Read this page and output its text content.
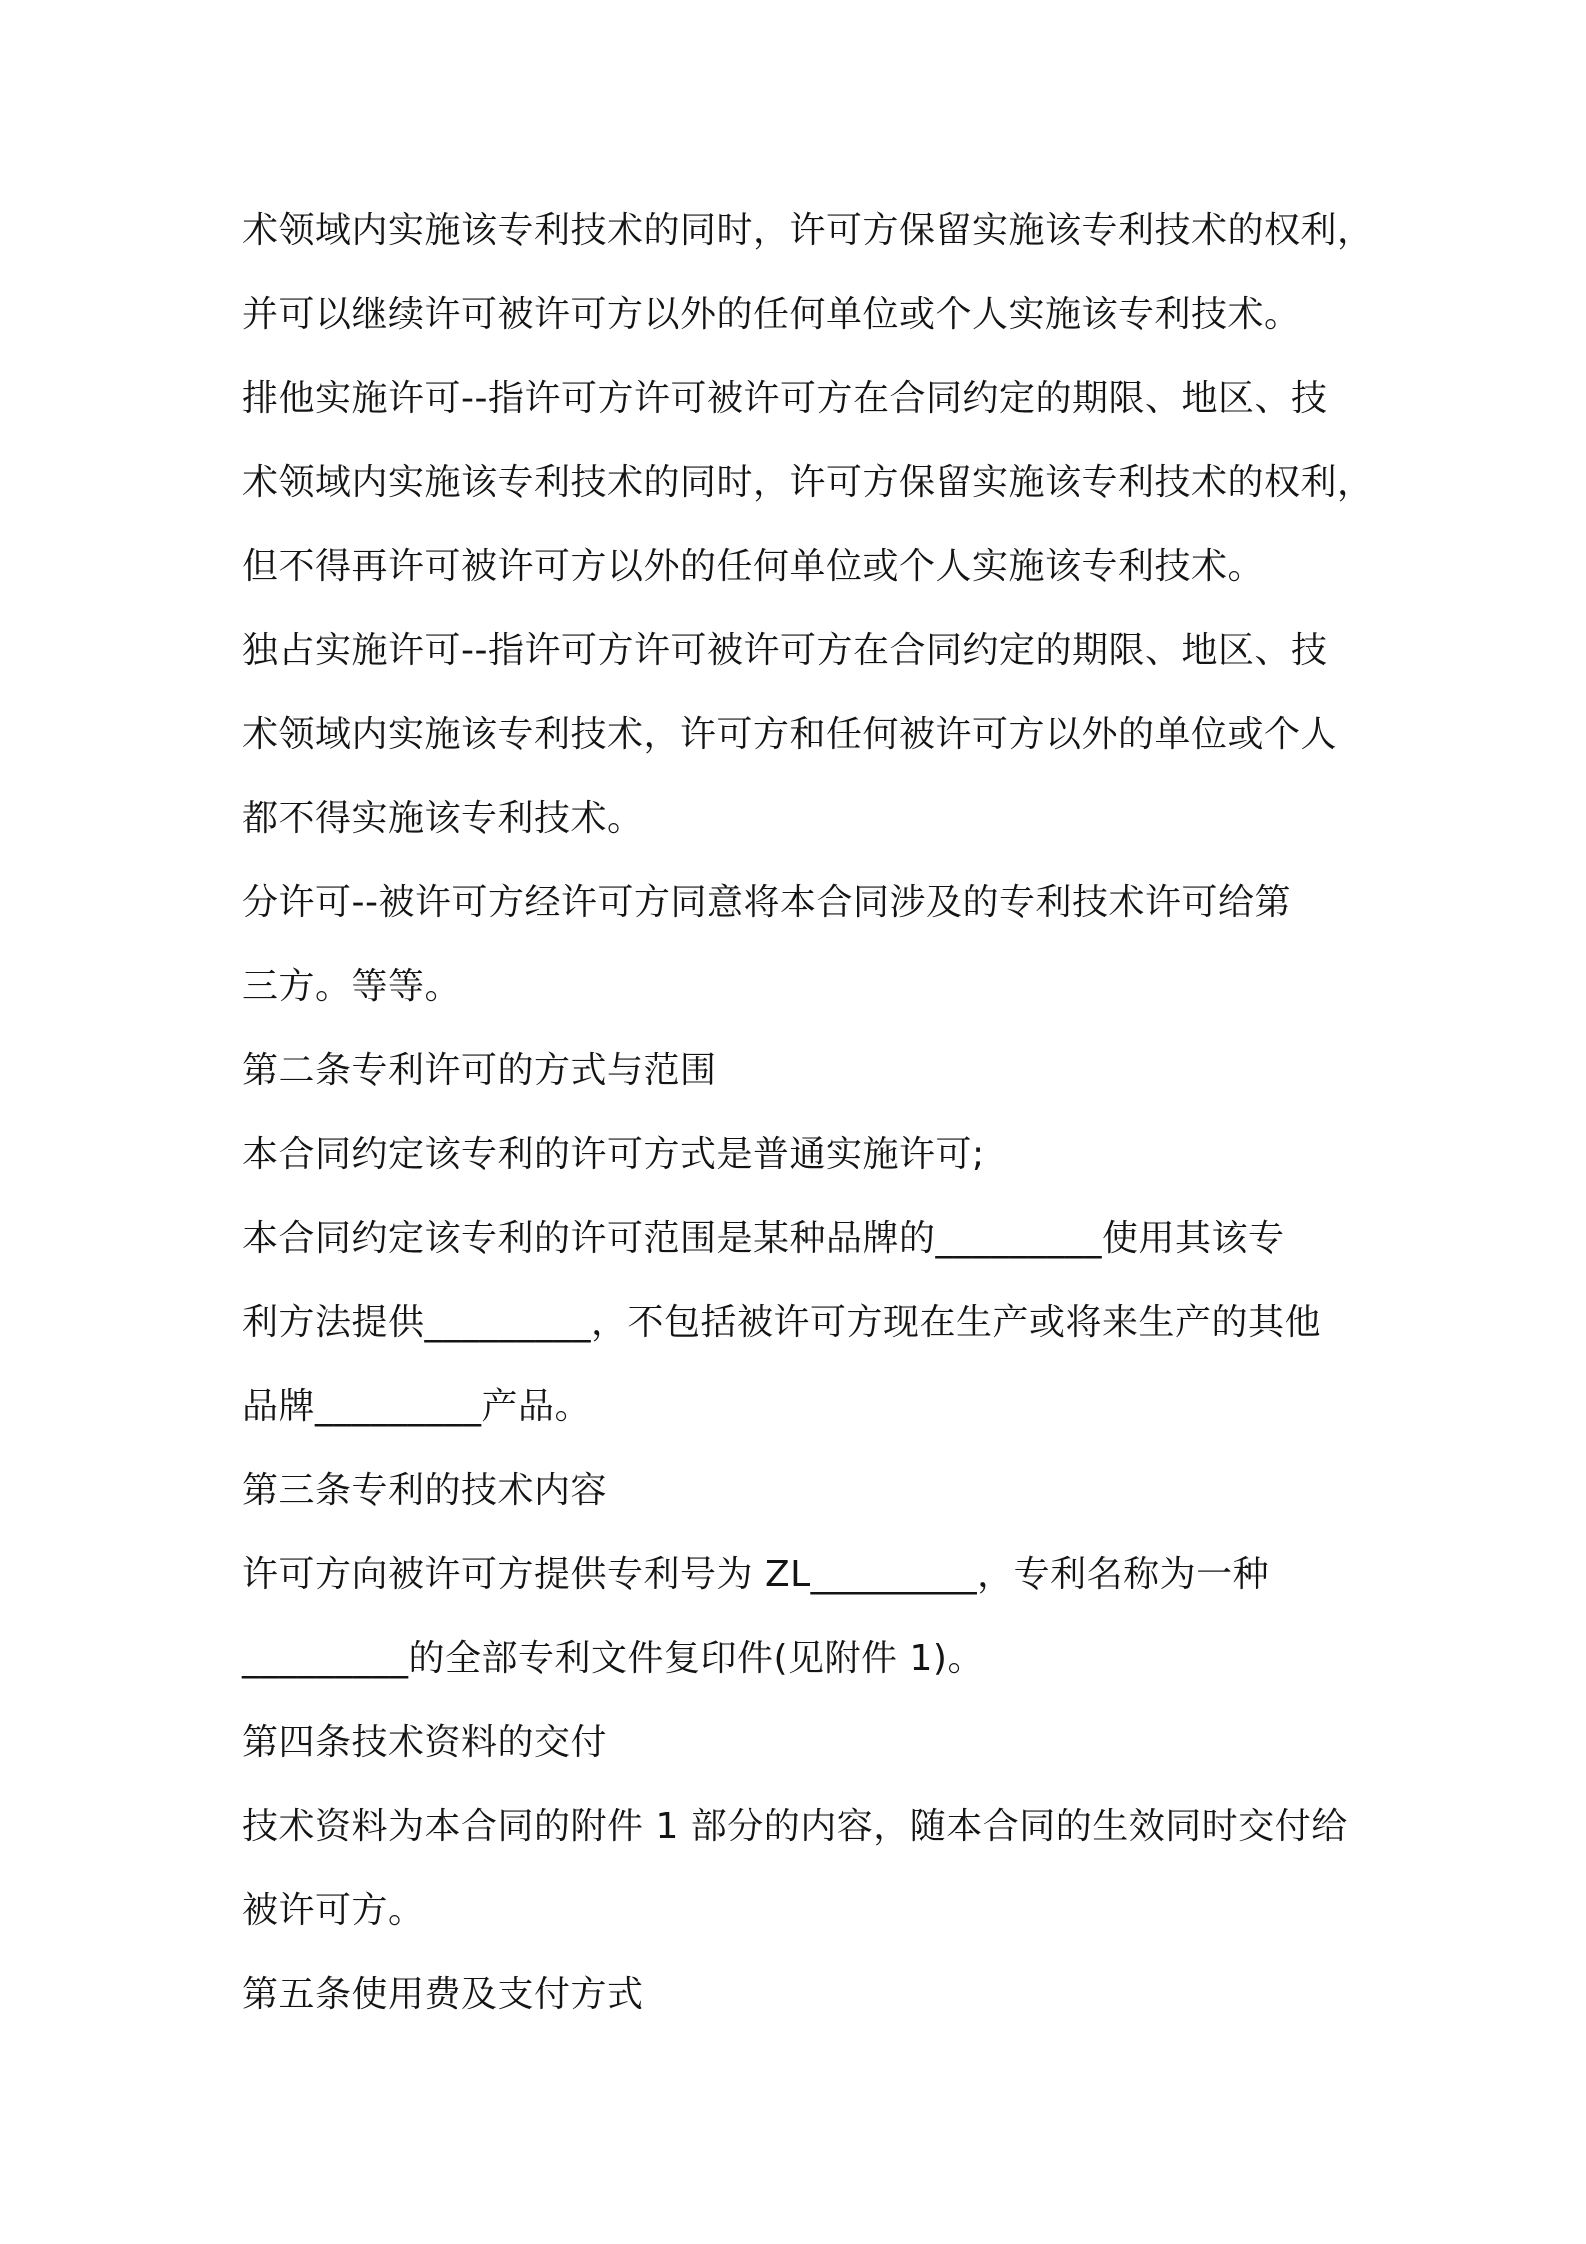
术领域内实施该专利技术的同时，许可方保留实施该专利技术的权利，
并可以继续许可被许可方以外的任何单位或个人实施该专利技术。
排他实施许可--指许可方许可被许可方在合同约定的期限、地区、技
术领域内实施该专利技术的同时，许可方保留实施该专利技术的权利，
但不得再许可被许可方以外的任何单位或个人实施该专利技术。
独占实施许可--指许可方许可被许可方在合同约定的期限、地区、技
术领域内实施该专利技术，许可方和任何被许可方以外的单位或个人
都不得实施该专利技术。
分许可--被许可方经许可方同意将本合同涉及的专利技术许可给第
三方。等等。
第二条专利许可的方式与范围
本合同约定该专利的许可方式是普通实施许可;
本合同约定该专利的许可范围是某种品牌的_________使用其该专
利方法提供_________，不包括被许可方现在生产或将来生产的其他
品牌_________产品。
第三条专利的技术内容
许可方向被许可方提供专利号为 ZL_________，专利名称为一种
_________的全部专利文件复印件(见附件 1)。
第四条技术资料的交付
技术资料为本合同的附件 1 部分的内容，随本合同的生效同时交付给
被许可方。
第五条使用费及支付方式
